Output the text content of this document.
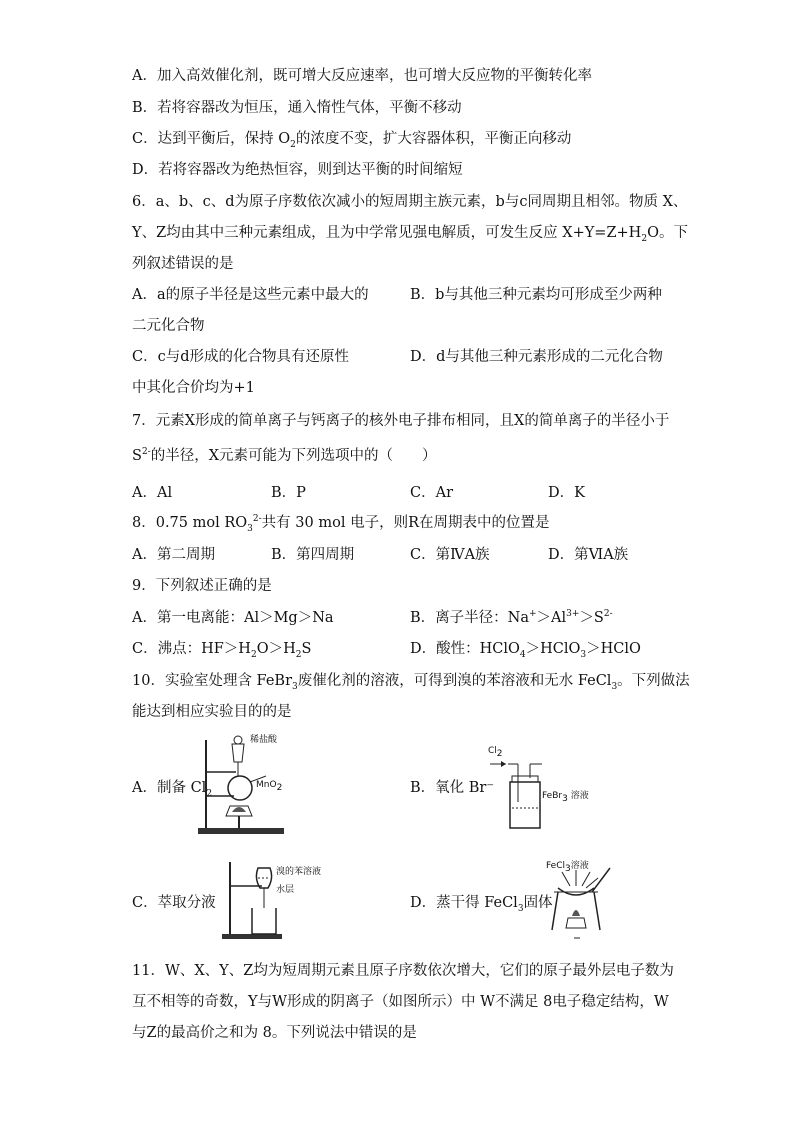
A．加入高效催化剂，既可增大反应速率，也可增大反应物的平衡转化率
B．若将容器改为恒压，通入惰性气体，平衡不移动
C．达到平衡后，保持 $O_2$的浓度不变，扩大容器体积，平衡正向移动
D．若将容器改为绝热恒容，则到达平衡的时间缩短
6．a、b、c、d为原子序数依次减小的短周期主族元素，b与c同周期且相邻。物质 X、
Y、Z均由其中三种元素组成，且为中学常见强电解质，可发生反应 $X+Y=Z+H_2O$。下
列叙述错误的是
A．a的原子半径是这些元素中最大的	B．b与其他三种元素均可形成至少两种
二元化合物
C．c与d形成的化合物具有还原性	D．d与其他三种元素形成的二元化合物
中其化合价均为+1
7．元素X形成的简单离子与钙离子的核外电子排布相同，且X的简单离子的半径小于
$S^{2-}$的半径，X元素可能为下列选项中的（　　）
A．Al	B．P	C．Ar	D．K
8．0.75 mol $RO_3^{2-}$共有 30 mol 电子，则R在周期表中的位置是
A．第二周期	B．第四周期	C．第ⅣA族	D．第ⅥA族
9．下列叙述正确的是
A．第一电离能：Al＞Mg＞Na	B．离子半径：$Na^+>Al^{3+}>S^{2-}$
C．沸点：$HF>H_2O>H_2S$	D．酸性：HClO$_4$＞HClO$_3$＞HClO
10．实验室处理含 FeBr$_3$废催化剂的溶液，可得到溴的苯溶液和无水 FeCl$_3$。下列做法
能达到相应实验目的的是
A．制备 $Cl_2$	B．氧化 Br⁻
C．萃取分液	D．蒸干得 FeCl$_3$固体
稀盐酸
MnO$_2$
$Cl_2$
FeBr$_3$ 溶液
溴的苯溶液
水层
FeCl$_3$溶液
11．W、X、Y、Z均为短周期元素且原子序数依次增大，它们的原子最外层电子数为
互不相等的奇数，Y与W形成的阴离子（如图所示）中 W不满足 8电子稳定结构，W
与Z的最高价之和为 8。下列说法中错误的是
